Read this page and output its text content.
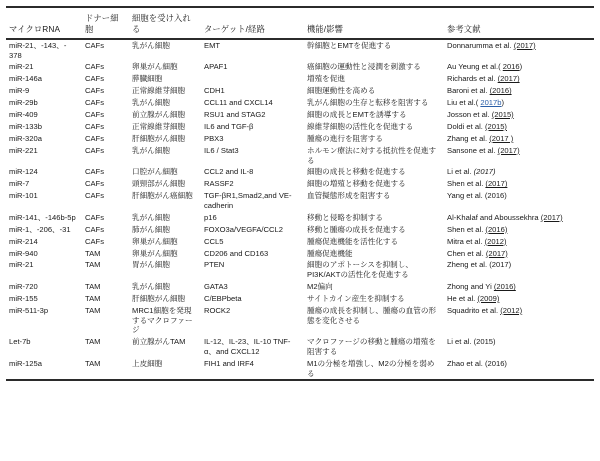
マイクロRNA	ドナー細胞	細胞を受け入れる	ターゲット/経路	機能/影響	参考文献
miR‐21、‐143、‐378	CAFs	乳がん細胞	EMT	幹細胞とEMTを促進する	Donnarumma et al. (2017)
miR‐21	CAFs	卵巣がん細胞	APAF1	癌細胞の運動性と浸潤を刺激する	Au Yeung et al.( 2016)
miR‐146a	CAFs	膵臓細胞		増殖を促進	Richards et al. (2017)
miR‐9	CAFs	正常線維芽細胞	CDH1	細胞運動性を高める	Baroni et al. (2016)
miR‐29b	CAFs	乳がん細胞	CCL11 and CXCL14	乳がん細胞の生存と転移を阻害する	Liu et al.( 2017b)
miR‐409	CAFs	前立腺がん細胞	RSU1 and STAG2	細胞の成長とEMTを誘導する	Josson et al. (2015)
miR‐133b	CAFs	正常線維芽細胞	IL6 and TGF-β	線維芽細胞の活性化を促進する	Doldi et al. (2015)
miR‐320a	CAFs	肝細胞がん細胞	PBX3	腫瘍の進行を阻害する	Zhang et al. (2017 )
miR‐221	CAFs	乳がん細胞	IL6 / Stat3	ホルモン療法に対する抵抗性を促進する	Sansone et al. (2017)
miR‐124	CAFs	口腔がん細胞	CCL2 and IL‐8	細胞の成長と移動を促進する	Li et al. (2017)
miR‐7	CAFs	頭頸部がん細胞	RASSF2	細胞の増殖と移動を促進する	Shen et al. (2017)
miR‐101	CAFs	肝細胞がん癌細胞	TGF-βR1,Smad2,and VE-cadherin	血管擬態形成を阻害する	Yang et al. (2016)
miR‐141、‐146b‐5p	CAFs	乳がん細胞	p16	移動と侵略を抑制する	Al-Khalaf and Aboussekhra (2017)
miR‐1、‐206、‐31	CAFs	肺がん細胞	FOXO3a/VEGFA/CCL2	移動と腫瘍の成長を促進する	Shen et al. (2016)
miR‐214	CAFs	卵巣がん細胞	CCL5	腫瘍促進機能を活性化する	Mitra et al. (2012)
miR‐940	TAM	卵巣がん細胞	CD206 and CD163	腫瘍促進機能	Chen et al. (2017)
miR‐21	TAM	胃がん細胞	PTEN	細胞のアポトーシスを抑制し、PI3K/AKTの活性化を促進する	Zheng et al. (2017)
miR‐720	TAM	乳がん細胞	GATA3	M2偏向	Zhong and Yi (2016)
miR‐155	TAM	肝細胞がん細胞	C/EBPbeta	サイトカイン産生を抑制する	He et al. (2009)
miR‐511‐3p	TAM	MRC1細胞を発現するマクロファージ	ROCK2	腫瘍の成長を抑制し、腫瘍の血管の形態を変化させる	Squadrito et al. (2012)
Let-7b	TAM	前立腺がんTAM	IL-12、IL-23、IL-10 TNF-α、and CXCL12	マクロファージの移動と腫瘍の増殖を阻害する	Li et al. (2015)
miR‐125a	TAM	上皮細胞	FIH1 and IRF4	M1の分極を増強し、M2の分極を弱める	Zhao et al. (2016)
